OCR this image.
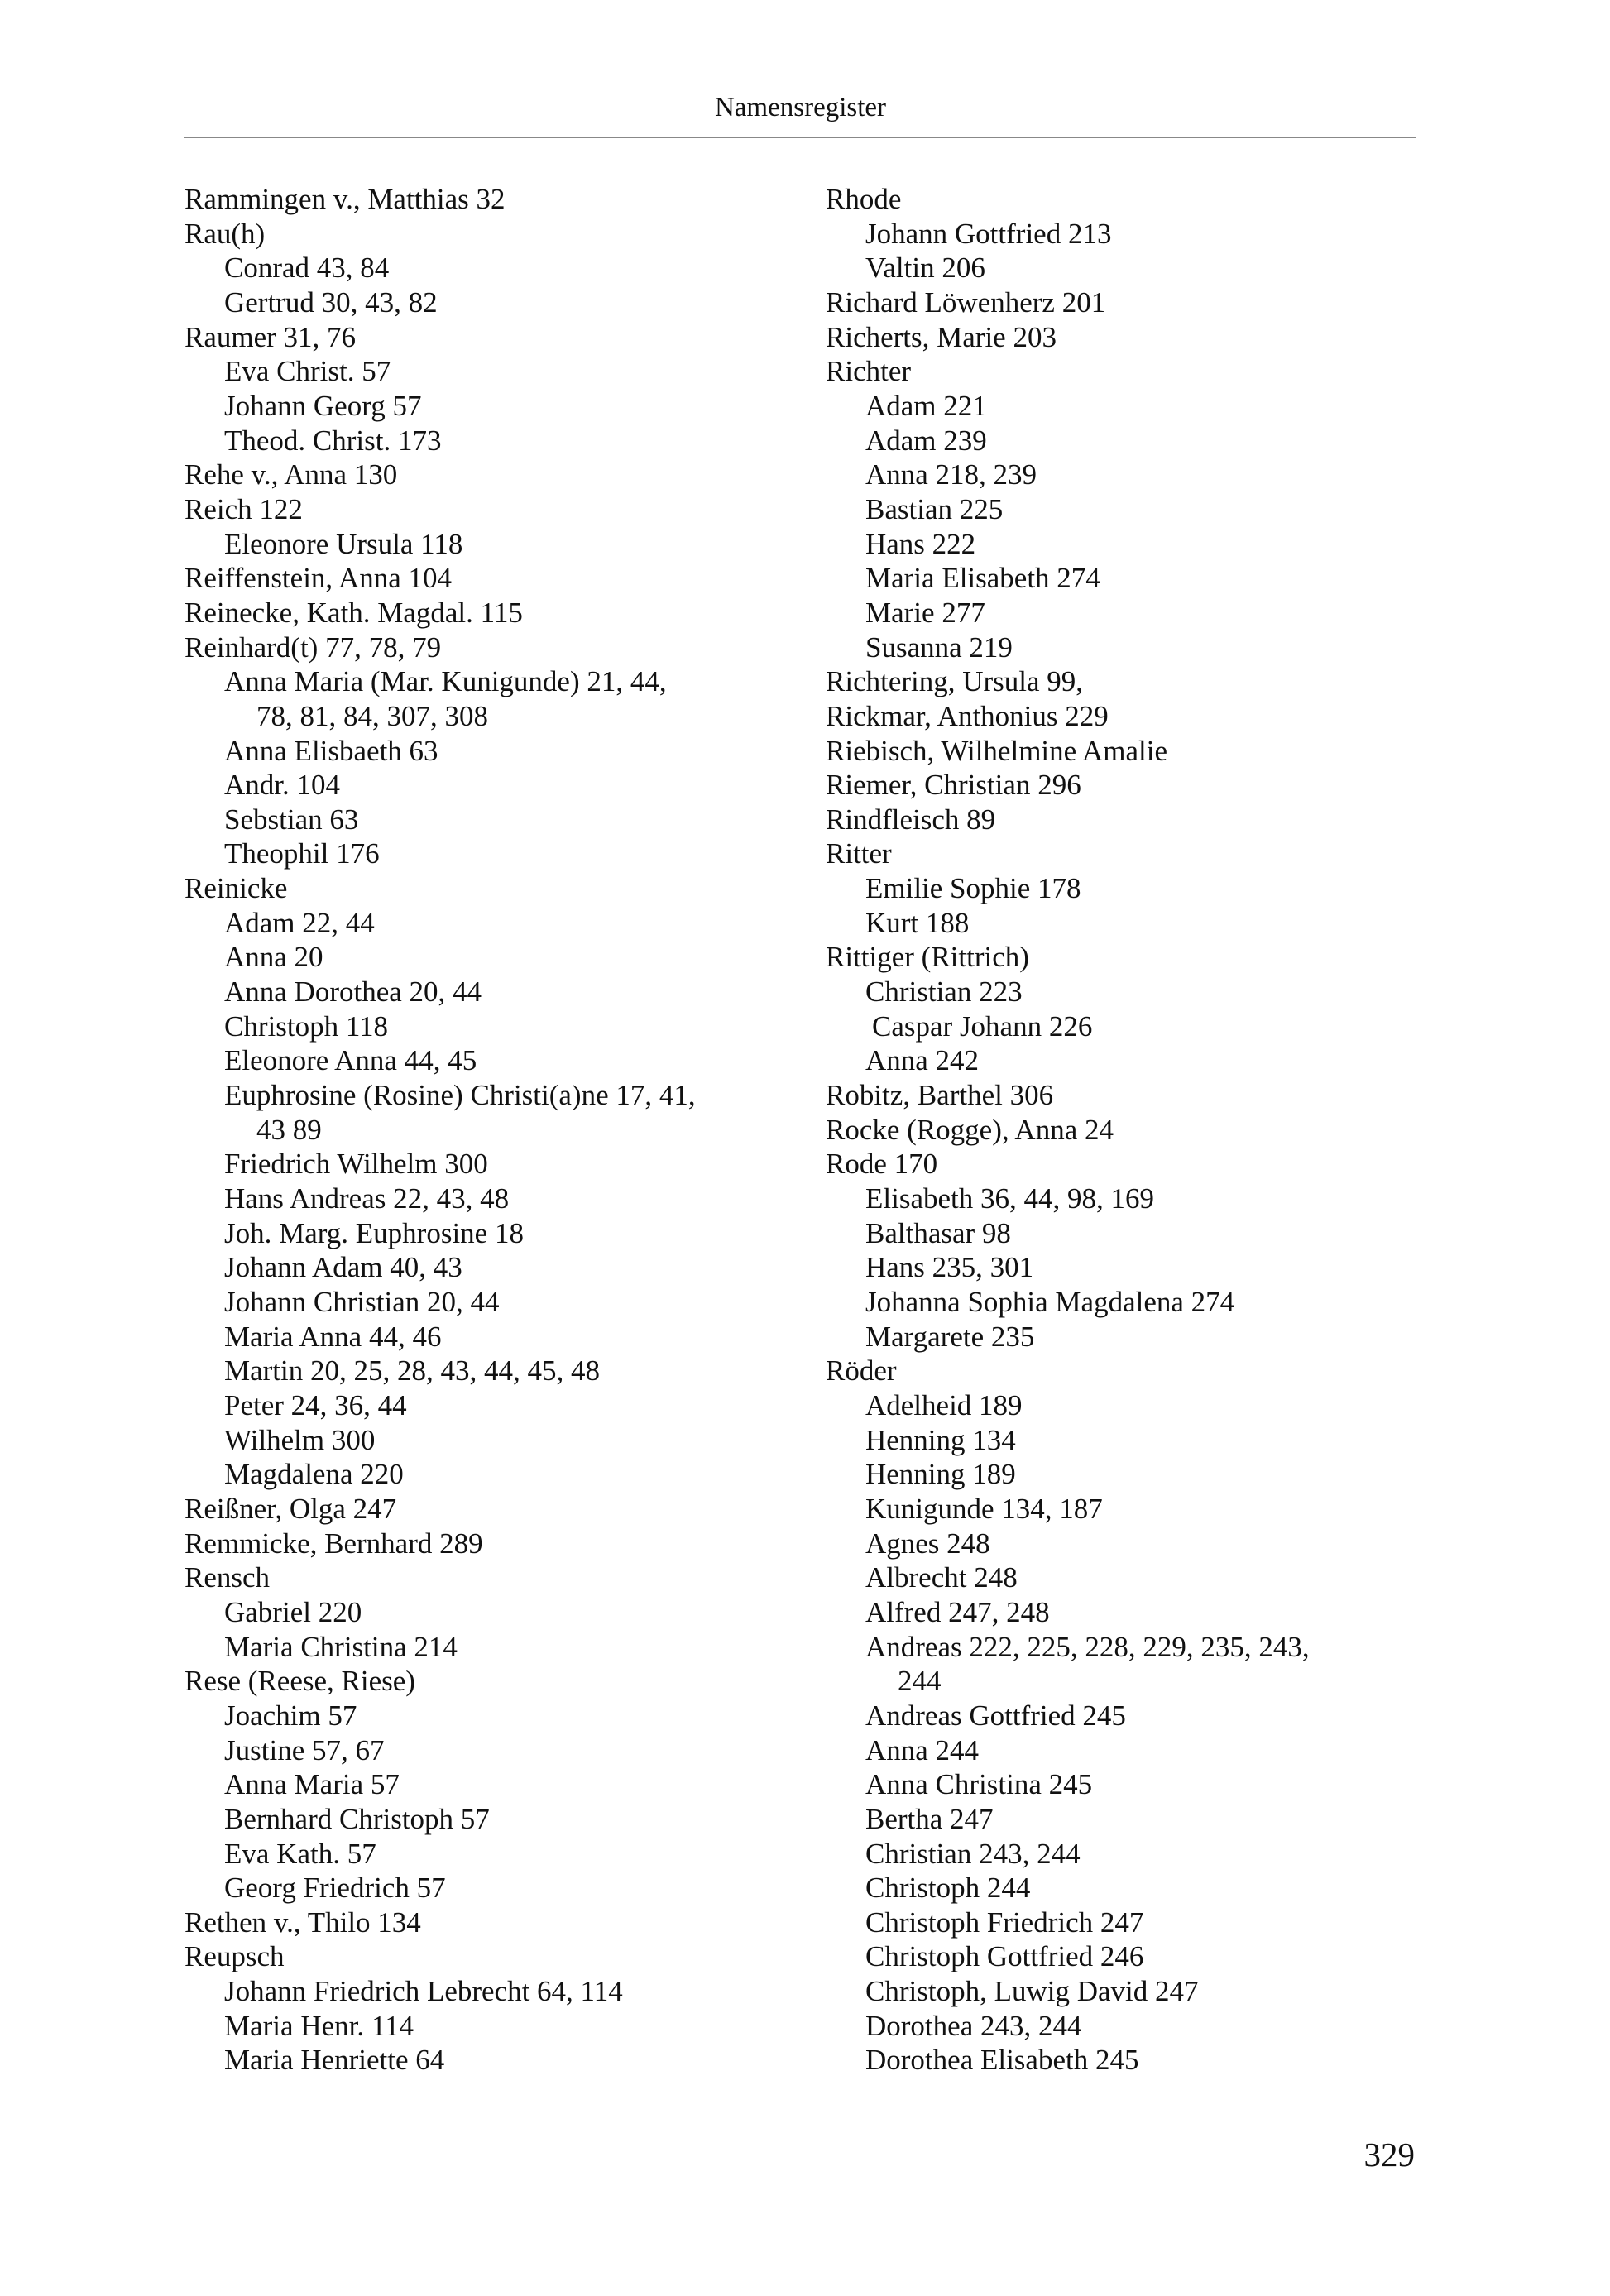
Namensregister
Rammingen v., Matthias 32
Rau(h)
Conrad 43, 84
Gertrud 30, 43, 82
Raumer 31, 76
Eva Christ. 57
Johann Georg 57
Theod. Christ. 173
Rehe v., Anna 130
Reich 122
Eleonore Ursula 118
Reiffenstein, Anna 104
Reinecke, Kath. Magdal. 115
Reinhard(t) 77, 78, 79
Anna Maria (Mar. Kunigunde) 21, 44,
78, 81, 84, 307, 308
Anna Elisbaeth 63
Andr. 104
Sebstian 63
Theophil 176
Reinicke
Adam 22, 44
Anna 20
Anna Dorothea 20, 44
Christoph 118
Eleonore Anna 44, 45
Euphrosine (Rosine) Christi(a)ne 17, 41,
43 89
Friedrich Wilhelm 300
Hans Andreas 22, 43, 48
Joh. Marg. Euphrosine 18
Johann Adam 40, 43
Johann Christian 20, 44
Maria Anna 44, 46
Martin 20, 25, 28, 43, 44, 45, 48
Peter 24, 36, 44
Wilhelm 300
Magdalena 220
Reißner, Olga 247
Remmicke, Bernhard 289
Rensch
Gabriel 220
Maria Christina 214
Rese (Reese, Riese)
Joachim 57
Justine 57, 67
Anna Maria 57
Bernhard Christoph 57
Eva Kath. 57
Georg Friedrich 57
Rethen v., Thilo 134
Reupsch
Johann Friedrich Lebrecht 64, 114
Maria Henr. 114
Maria Henriette 64
Rhode
Johann Gottfried 213
Valtin 206
Richard Löwenherz 201
Richerts, Marie 203
Richter
Adam 221
Adam 239
Anna 218, 239
Bastian 225
Hans 222
Maria Elisabeth 274
Marie 277
Susanna 219
Richtering, Ursula 99,
Rickmar, Anthonius 229
Riebisch, Wilhelmine Amalie
Riemer, Christian 296
Rindfleisch 89
Ritter
Emilie Sophie 178
Kurt 188
Rittiger (Rittrich)
Christian 223
Caspar Johann 226
Anna 242
Robitz, Barthel 306
Rocke (Rogge), Anna 24
Rode 170
Elisabeth 36, 44, 98, 169
Balthasar 98
Hans 235, 301
Johanna Sophia Magdalena 274
Margarete 235
Röder
Adelheid 189
Henning 134
Henning 189
Kunigunde 134, 187
Agnes 248
Albrecht 248
Alfred 247, 248
Andreas 222, 225, 228, 229, 235, 243,
244
Andreas Gottfried 245
Anna 244
Anna Christina 245
Bertha 247
Christian 243, 244
Christoph 244
Christoph Friedrich 247
Christoph Gottfried 246
Christoph, Luwig David 247
Dorothea 243, 244
Dorothea Elisabeth 245
329
